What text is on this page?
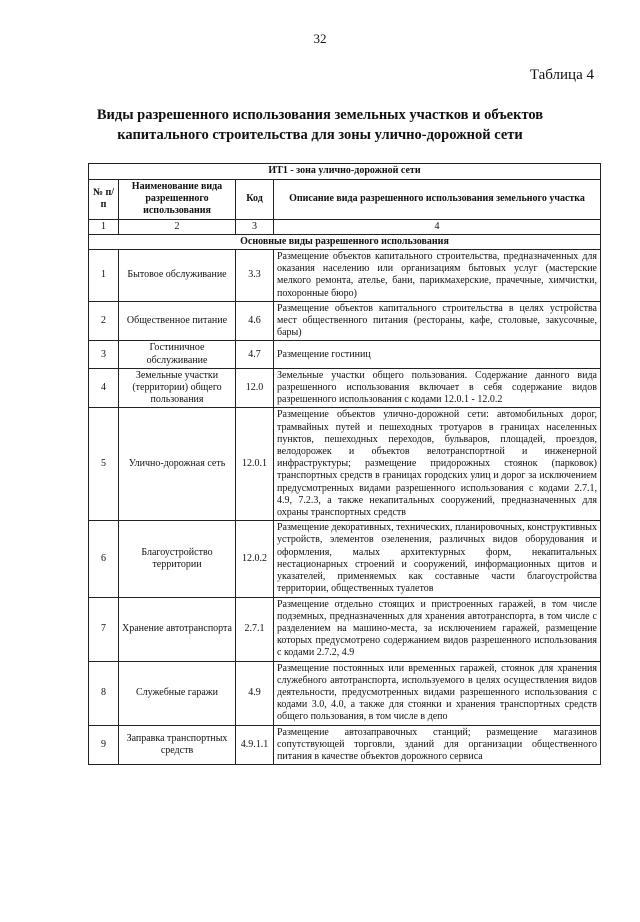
32
Таблица 4
Виды разрешенного использования земельных участков и объектов
капитального строительства для зоны улично-дорожной сети
ИТ1 - зона улично-дорожной сети			
№ п/п	Наименование вида разрешенного использования	Код	Описание вида разрешенного использования земельного участка
1	2	3	4
Основные виды разрешенного использования			
1	Бытовое обслуживание	3.3	Размещение объектов капитального строительства, предназначенных для оказания населению или организациям бытовых услуг (мастерские мелкого ремонта, ателье, бани, парикмахерские, прачечные, химчистки, похоронные бюро)
2	Общественное питание	4.6	Размещение объектов капитального строительства в целях устройства мест общественного питания (рестораны, кафе, столовые, закусочные, бары)
3	Гостиничное обслуживание	4.7	Размещение гостиниц
4	Земельные участки (территории) общего пользования	12.0	Земельные участки общего пользования. Содержание данного вида разрешенного использования включает в себя содержание видов разрешенного использования с кодами 12.0.1 - 12.0.2
5	Улично-дорожная сеть	12.0.1	Размещение объектов улично-дорожной сети: автомобильных дорог, трамвайных путей и пешеходных тротуаров в границах населенных пунктов, пешеходных переходов, бульваров, площадей, проездов, велодорожек и объектов велотранспортной и инженерной инфраструктуры; размещение придорожных стоянок (парковок) транспортных средств в границах городских улиц и дорог за исключением предусмотренных видами разрешенного использования с кодами 2.7.1, 4.9, 7.2.3, а также некапитальных сооружений, предназначенных для охраны транспортных средств
6	Благоустройство территории	12.0.2	Размещение декоративных, технических, планировочных, конструктивных устройств, элементов озеленения, различных видов оборудования и оформления, малых архитектурных форм, некапитальных нестационарных строений и сооружений, информационных щитов и указателей, применяемых как составные части благоустройства территории, общественных туалетов
7	Хранение автотранспорта	2.7.1	Размещение отдельно стоящих и пристроенных гаражей, в том числе подземных, предназначенных для хранения автотранспорта, в том числе с разделением на машино-места, за исключением гаражей, размещение которых предусмотрено содержанием видов разрешенного использования с кодами 2.7.2, 4.9
8	Служебные гаражи	4.9	Размещение постоянных или временных гаражей, стоянок для хранения служебного автотранспорта, используемого в целях осуществления видов деятельности, предусмотренных видами разрешенного использования с кодами 3.0, 4.0, а также для стоянки и хранения транспортных средств общего пользования, в том числе в депо
9	Заправка транспортных средств	4.9.1.1	Размещение автозаправочных станций; размещение магазинов сопутствующей торговли, зданий для организации общественного питания в качестве объектов дорожного сервиса
